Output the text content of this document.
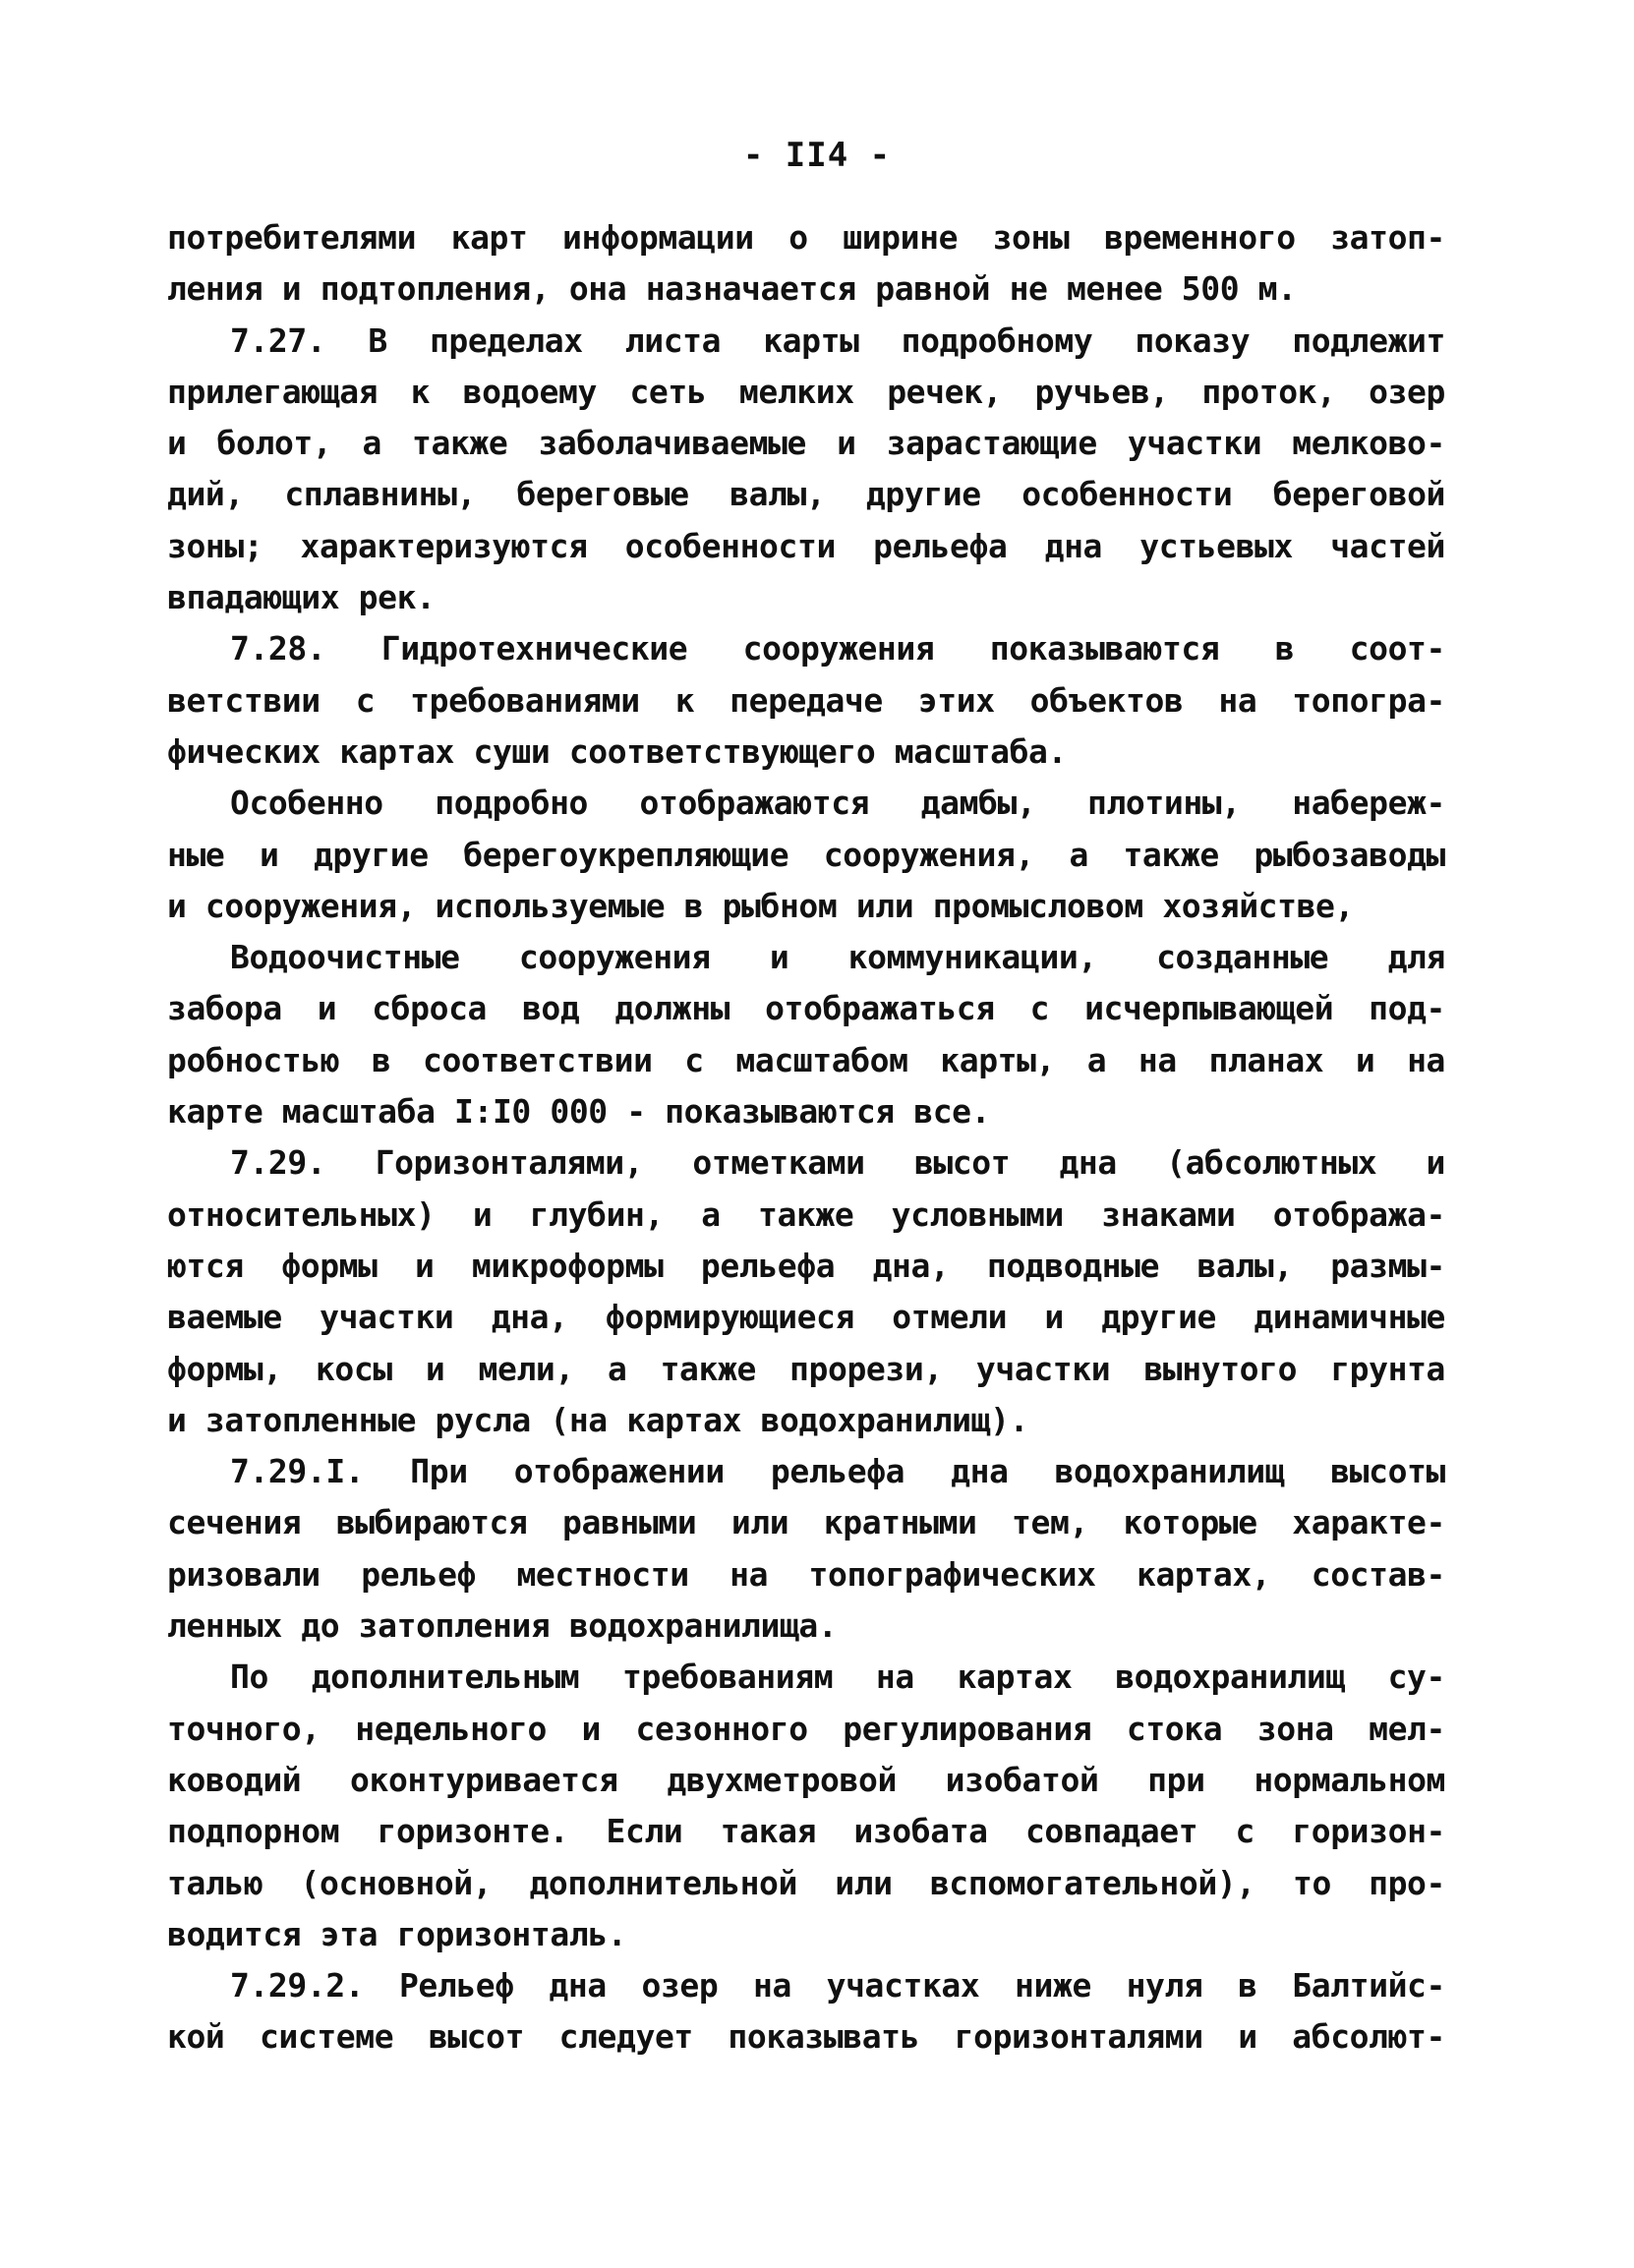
- II4 -
потребителями карт информации о ширине зоны временного затоп-
ления и подтопления, она назначается равной не менее 500 м.
7.27. В пределах листа карты подробному показу подлежит
прилегающая к водоему сеть мелких речек, ручьев, проток, озер
и болот, а также заболачиваемые и зарастающие участки мелково-
дий, сплавнины, береговые валы, другие особенности береговой
зоны; характеризуются особенности рельефа дна устьевых частей
впадающих рек.
7.28. Гидротехнические сооружения показываются в соот-
ветствии с требованиями к передаче этих объектов на топогра-
фических картах суши соответствующего масштаба.
Особенно подробно отображаются дамбы, плотины, набереж-
ные и другие берегоукрепляющие сооружения, а также рыбозаводы
и сооружения, используемые в рыбном или промысловом хозяйстве,
Водоочистные сооружения и коммуникации, созданные для
забора и сброса вод должны отображаться с исчерпывающей под-
робностью в соответствии с масштабом карты, а на планах и на
карте масштаба I:I0 000 - показываются все.
7.29. Горизонталями, отметками высот дна (абсолютных и
относительных) и глубин, а также условными знаками отобража-
ются формы и микроформы рельефа дна, подводные валы, размы-
ваемые участки дна, формирующиеся отмели и другие динамичные
формы, косы и мели, а также прорези, участки вынутого грунта
и затопленные русла (на картах водохранилищ).
7.29.I. При отображении рельефа дна водохранилищ высоты
сечения выбираются равными или кратными тем, которые характе-
ризовали рельеф местности на топографических картах, состав-
ленных до затопления водохранилища.
По дополнительным требованиям на картах водохранилищ су-
точного, недельного и сезонного регулирования стока зона мел-
ководий оконтуривается двухметровой изобатой при нормальном
подпорном горизонте. Если такая изобата совпадает с горизон-
талью (основной, дополнительной или вспомогательной), то про-
водится эта горизонталь.
7.29.2. Рельеф дна озер на участках ниже нуля в Балтийс-
кой системе высот следует показывать горизонталями и абсолют-
